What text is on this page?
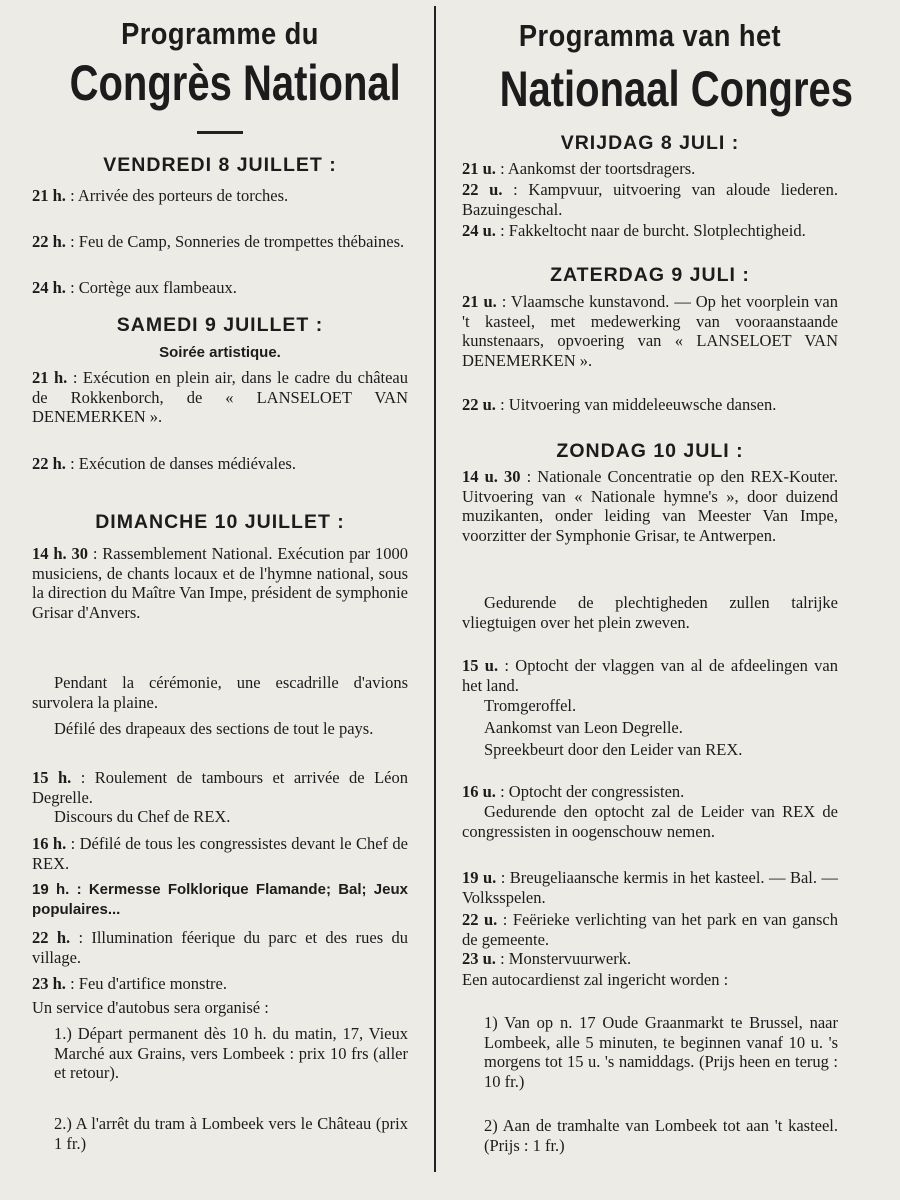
Programme du

Congrès National

VENDREDI 8 JUILLET :
21 h. : Arrivée des porteurs de torches.
22 h. : Feu de Camp, Sonneries de trompettes thébaines.
24 h. : Cortège aux flambeaux.
SAMEDI 9 JUILLET :
Soirée artistique.
21 h. : Exécution en plein air, dans le cadre du château de Rokkenborch, de « LANSELOET VAN DENEMERKEN ».
22 h. : Exécution de danses médiévales.
DIMANCHE 10 JUILLET :
14 h. 30 : Rassemblement National. Exécution par 1000 musiciens, de chants locaux et de l'hymne national, sous la direction du Maître Van Impe, président de symphonie Grisar d'Anvers.
Pendant la cérémonie, une escadrille d'avions survolera la plaine.
Défilé des drapeaux des sections de tout le pays.
15 h. : Roulement de tambours et arrivée de Léon Degrelle.
Discours du Chef de REX.
16 h. : Défilé de tous les congressistes devant le Chef de REX.
19 h. : Kermesse Folklorique Flamande; Bal; Jeux populaires...
22 h. : Illumination féerique du parc et des rues du village.
23 h. : Feu d'artifice monstre.
Un service d'autobus sera organisé :
1.) Départ permanent dès 10 h. du matin, 17, Vieux Marché aux Grains, vers Lombeek : prix 10 frs (aller et retour).
2.) A l'arrêt du tram à Lombeek vers le Château (prix 1 fr.)

Programma van het

Nationaal Congres

VRIJDAG 8 JULI :
21 u. : Aankomst der toortsdragers.
22 u. : Kampvuur, uitvoering van aloude liederen. Bazuingeschal.
24 u. : Fakkeltocht naar de burcht. Slotplechtigheid.
ZATERDAG 9 JULI :
21 u. : Vlaamsche kunstavond. — Op het voorplein van 't kasteel, met medewerking van vooraanstaande kunstenaars, opvoering van « LANSELOET VAN DENEMERKEN ».
22 u. : Uitvoering van middeleeuwsche dansen.
ZONDAG 10 JULI :
14 u. 30 : Nationale Concentratie op den REX-Kouter. Uitvoering van « Nationale hymne's », door duizend muzikanten, onder leiding van Meester Van Impe, voorzitter der Symphonie Grisar, te Antwerpen.
Gedurende de plechtigheden zullen talrijke vliegtuigen over het plein zweven.
15 u. : Optocht der vlaggen van al de afdeelingen van het land.
Tromgeroffel.
Aankomst van Leon Degrelle.
Spreekbeurt door den Leider van REX.
16 u. : Optocht der congressisten.
Gedurende den optocht zal de Leider van REX de congressisten in oogenschouw nemen.
19 u. : Breugeliaansche kermis in het kasteel. — Bal. — Volksspelen.
22 u. : Feërieke verlichting van het park en van gansch de gemeente.
23 u. : Monstervuurwerk.
Een autocardienst zal ingericht worden :
1) Van op n. 17 Oude Graanmarkt te Brussel, naar Lombeek, alle 5 minuten, te beginnen vanaf 10 u. 's morgens tot 15 u. 's namiddags. (Prijs heen en terug : 10 fr.)
2) Aan de tramhalte van Lombeek tot aan 't kasteel. (Prijs : 1 fr.)
